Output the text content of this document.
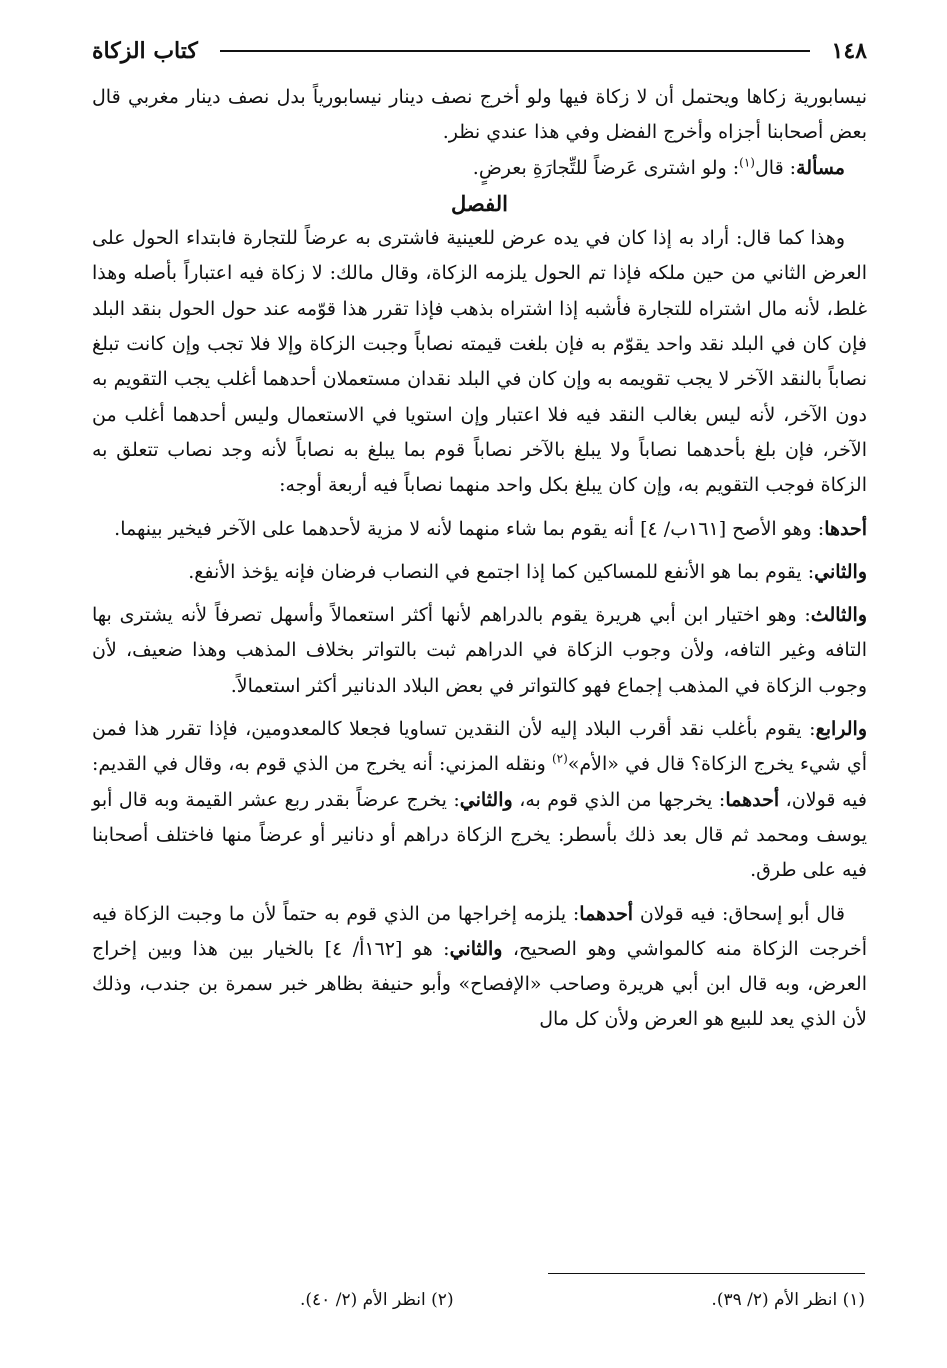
١٤٨
كتاب الزكاة

نيسابورية زكاها ويحتمل أن لا زكاة فيها ولو أخرج نصف دينار نيسابورياً بدل نصف دينار مغربي قال بعض أصحابنا أجزاه وأخرج الفضل وفي هذا عندي نظر.

مسألة: قال$^{(١)}$: ولو اشترى عَرضاً للتِّجارَةِ بعرضٍ.

الفصل

وهذا كما قال: أراد به إذا كان في يده عرض للعينية فاشترى به عرضاً للتجارة فابتداء الحول على العرض الثاني من حين ملكه فإذا تم الحول يلزمه الزكاة، وقال مالك: لا زكاة فيه اعتباراً بأصله وهذا غلط، لأنه مال اشتراه للتجارة فأشبه إذا اشتراه بذهب فإذا تقرر هذا قوّمه عند حول الحول بنقد البلد فإن كان في البلد نقد واحد يقوّم به فإن بلغت قيمته نصاباً وجبت الزكاة وإلا فلا تجب وإن كانت تبلغ نصاباً بالنقد الآخر لا يجب تقويمه به وإن كان في البلد نقدان مستعملان أحدهما أغلب يجب التقويم به دون الآخر، لأنه ليس بغالب النقد فيه فلا اعتبار وإن استويا في الاستعمال وليس أحدهما أغلب من الآخر، فإن بلغ بأحدهما نصاباً ولا يبلغ بالآخر نصاباً قوم بما يبلغ به نصاباً لأنه وجد نصاب تتعلق به الزكاة فوجب التقويم به، وإن كان يبلغ بكل واحد منهما نصاباً فيه أربعة أوجه:

أحدها: وهو الأصح [١٦١ب/ ٤] أنه يقوم بما شاء منهما لأنه لا مزية لأحدهما على الآخر فيخير بينهما.

والثاني: يقوم بما هو الأنفع للمساكين كما إذا اجتمع في النصاب فرضان فإنه يؤخذ الأنفع.

والثالث: وهو اختيار ابن أبي هريرة يقوم بالدراهم لأنها أكثر استعمالاً وأسهل تصرفاً لأنه يشترى بها التافه وغير التافه، ولأن وجوب الزكاة في الدراهم ثبت بالتواتر بخلاف المذهب وهذا ضعيف، لأن وجوب الزكاة في المذهب إجماع فهو كالتواتر في بعض البلاد الدنانير أكثر استعمالاً.

والرابع: يقوم بأغلب نقد أقرب البلاد إليه لأن النقدين تساويا فجعلا كالمعدومين، فإذا تقرر هذا فمن أي شيء يخرج الزكاة؟ قال في «الأم»$^{(٢)}$ ونقله المزني: أنه يخرج من الذي قوم به، وقال في القديم: فيه قولان، أحدهما: يخرجها من الذي قوم به، والثاني: يخرج عرضاً بقدر ربع عشر القيمة وبه قال أبو يوسف ومحمد ثم قال بعد ذلك بأسطر: يخرج الزكاة دراهم أو دنانير أو عرضاً منها فاختلف أصحابنا فيه على طرق.

قال أبو إسحاق: فيه قولان أحدهما: يلزمه إخراجها من الذي قوم به حتماً لأن ما وجبت الزكاة فيه أخرجت الزكاة منه كالمواشي وهو الصحيح، والثاني: هو [١٦٢أ/ ٤] بالخيار بين هذا وبين إخراج العرض، وبه قال ابن أبي هريرة وصاحب «الإفصاح» وأبو حنيفة بظاهر خبر سمرة بن جندب، وذلك لأن الذي يعد للبيع هو العرض ولأن كل مال

(١) انظر الأم (٢/ ٣٩).
(٢) انظر الأم (٢/ ٤٠).
